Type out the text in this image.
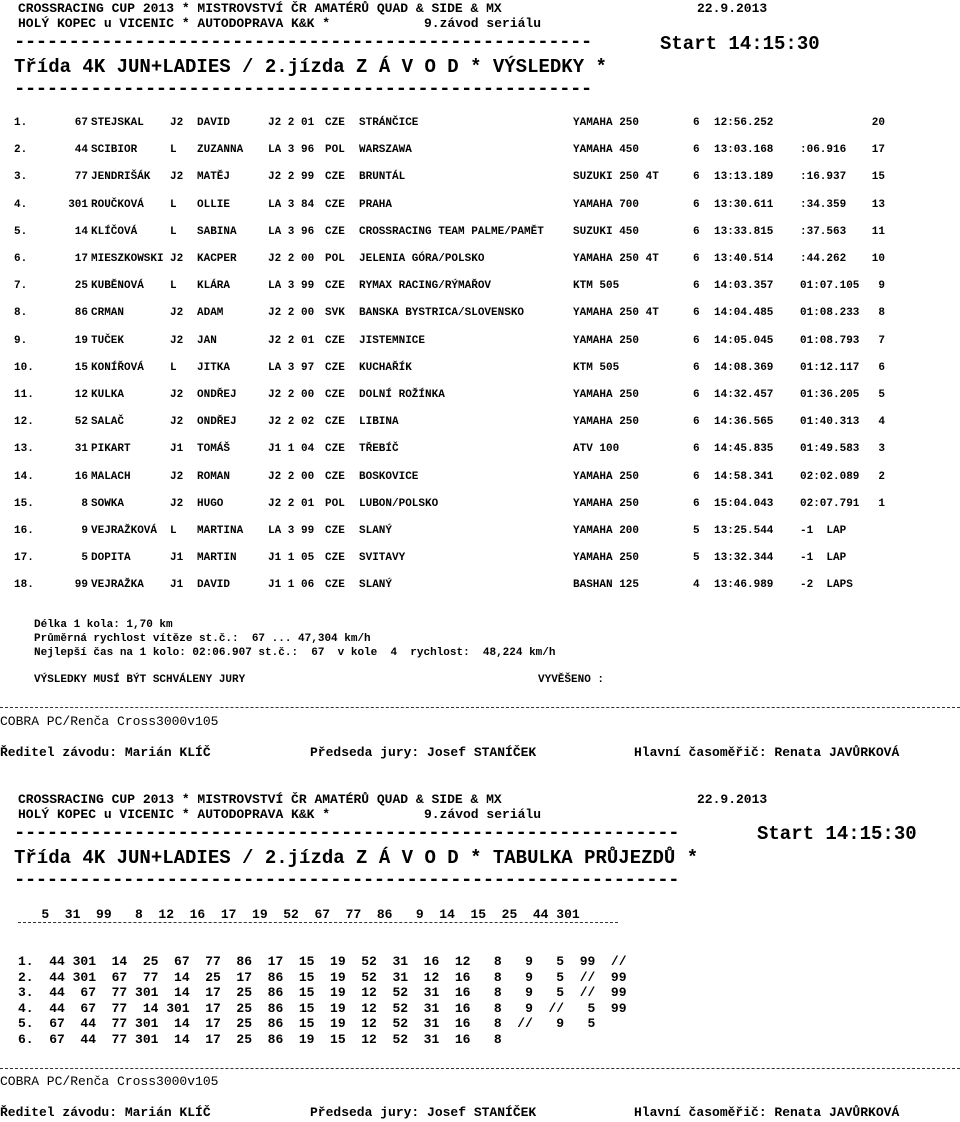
CROSSRACING CUP 2013 * MISTROVSTVÍ ČR AMATÉRŮ QUAD & SIDE & MX	22.9.2013
HOLÝ KOPEC u VICENIC * AUTODOPRAVA K&K *	9.závod seriálu
-----------------------------------------------------	Start 14:15:30
Třída 4K JUN+LADIES / 2.jízda Z Á V O D * VÝSLEDKY *
-----------------------------------------------------
1.	67 STEJSKAL J2 DAVID	J2 2 01 CZE STRÁNČICE	YAMAHA 250	6 12:56.252	20
2.	44 SCIBIOR	L ZUZANNA LA 3 96 POL WARSZAWA	YAMAHA 450	6 13:03.168 :06.916 17
3.	77 JENDRIŠÁK J2 MATĚJ	J2 2 99 CZE BRUNTÁL	SUZUKI 250 4T	6 13:13.189 :16.937 15
4.	301 ROUČKOVÁ L OLLIE	LA 3 84 CZE PRAHA	YAMAHA 700	6 13:30.611 :34.359 13
5.	14 KLÍČOVÁ	L SABINA	LA 3 96 CZE CROSSRACING TEAM PALME/PAMĚT	SUZUKI 450	6 13:33.815 :37.563 11
6.	17 MIESZKOWSKI J2 KACPER	J2 2 00 POL JELENIA GÓRA/POLSKO	YAMAHA 250 4T	6 13:40.514 :44.262 10
7.	25 KUBĚNOVÁ L KLÁRA	LA 3 99 CZE RYMAX RACING/RÝMAŘOV	KTM 505	6 14:03.357 01:07.105 9
8.	86 CRMAN	J2 ADAM	J2 2 00 SVK BANSKA BYSTRICA/SLOVENSKO	YAMAHA 250 4T	6 14:04.485 01:08.233 8
9.	19 TUČEK	J2 JAN	J2 2 01 CZE JISTEMNICE	YAMAHA 250	6 14:05.045 01:08.793 7
10.	15 KONÍŘOVÁ L JITKA	LA 3 97 CZE KUCHAŘÍK	KTM 505	6 14:08.369 01:12.117 6
11.	12 KULKA	J2 ONDŘEJ	J2 2 00 CZE DOLNÍ ROŽÍNKA	YAMAHA 250	6 14:32.457 01:36.205 5
12.	52 SALAČ	J2 ONDŘEJ	J2 2 02 CZE LIBINA	YAMAHA 250	6 14:36.565 01:40.313 4
13.	31 PIKART	J1 TOMÁŠ	J1 1 04 CZE TŘEBÍČ	ATV 100	6 14:45.835 01:49.583 3
14.	16 MALACH	J2 ROMAN	J2 2 00 CZE BOSKOVICE	YAMAHA 250	6 14:58.341 02:02.089 2
15.	8 SOWKA	J2 HUGO	J2 2 01 POL LUBON/POLSKO	YAMAHA 250	6 15:04.043 02:07.791 1
16.	9 VEJRAŽKOVÁ L MARTINA LA 3 99 CZE SLANÝ	YAMAHA 200	5 13:25.544 -1  LAP
17.	5 DOPITA	J1 MARTIN	J1 1 05 CZE SVITAVY	YAMAHA 250	5 13:32.344 -1  LAP
18.	99 VEJRAŽKA J1 DAVID	J1 1 06 CZE SLANÝ	BASHAN 125	4 13:46.989 -2  LAPS
Délka 1 kola: 1,70 km
Průměrná rychlost vítěze st.č.:  67 ... 47,304 km/h
Nejlepší čas na 1 kolo: 02:06.907 st.č.:  67  v kole  4  rychlost:  48,224 km/h
VÝSLEDKY MUSÍ BÝT SCHVÁLENY JURY	VYVĚŠENO :
COBRA PC/Renča Cross3000v105
Ředitel závodu: Marián KLÍČ	Předseda jury: Josef STANÍČEK	Hlavní časoměřič: Renata JAVŮRKOVÁ
CROSSRACING CUP 2013 * MISTROVSTVÍ ČR AMATÉRŮ QUAD & SIDE & MX	22.9.2013
HOLÝ KOPEC u VICENIC * AUTODOPRAVA K&K *	9.závod seriálu
-------------------------------------------------------------	Start 14:15:30
Třída 4K JUN+LADIES / 2.jízda Z Á V O D * TABULKA PRŮJEZDŮ *
-------------------------------------------------------------
5  31  99   8  12  16  17  19  52  67  77  86   9  14  15  25  44 301
1.  44 301  14  25  67  77  86  17  15  19  52  31  16  12   8   9   5  99  //
2.  44 301  67  77  14  25  17  86  15  19  52  31  12  16   8   9   5  //  99
3.  44  67  77 301  14  17  25  86  15  19  12  52  31  16   8   9   5  //  99
4.  44  67  77  14 301  17  25  86  15  19  12  52  31  16   8   9  //   5  99
5.  67  44  77 301  14  17  25  86  15  19  12  52  31  16   8  //   9   5
6.  67  44  77 301  14  17  25  86  19  15  12  52  31  16   8
COBRA PC/Renča Cross3000v105
Ředitel závodu: Marián KLÍČ	Předseda jury: Josef STANÍČEK	Hlavní časoměřič: Renata JAVŮRKOVÁ
